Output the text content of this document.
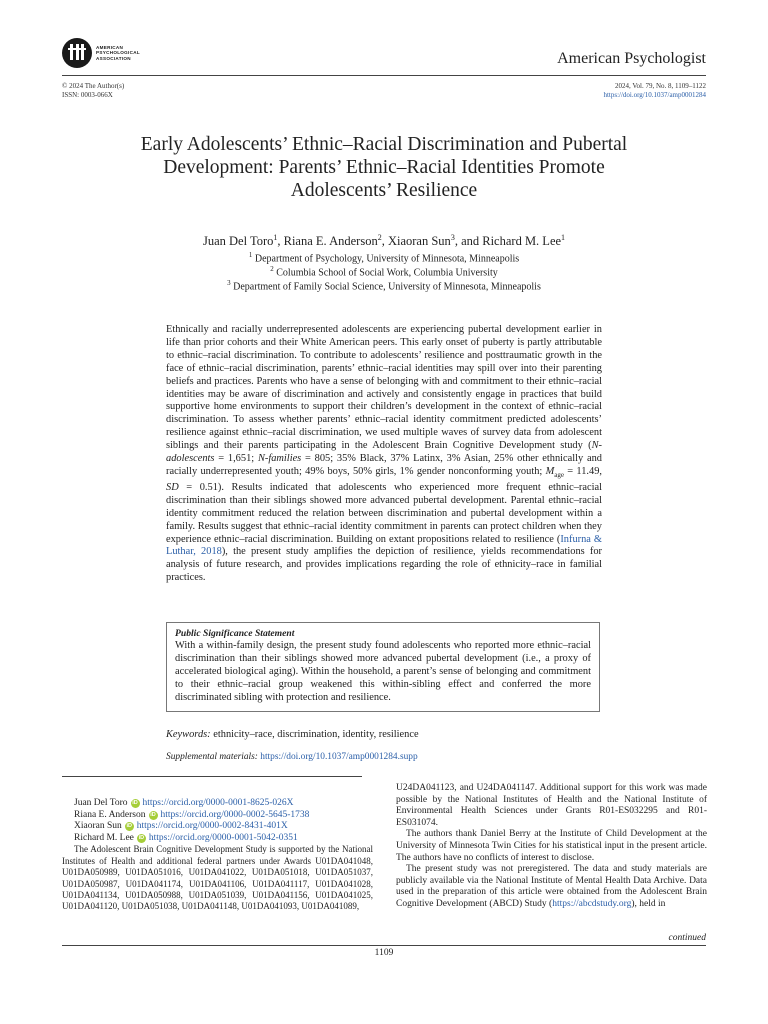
AMERICAN
PSYCHOLOGICAL
ASSOCIATION	American Psychologist
© 2024 The Author(s)
ISSN: 0003-066X
2024, Vol. 79, No. 8, 1109–1122
https://doi.org/10.1037/amp0001284
Early Adolescents’ Ethnic–Racial Discrimination and Pubertal
Development: Parents’ Ethnic–Racial Identities Promote
Adolescents’ Resilience
Juan Del Toro$^1$, Riana E. Anderson$^2$, Xiaoran Sun$^3$, and Richard M. Lee$^1$
$^1$ Department of Psychology, University of Minnesota, Minneapolis
$^2$ Columbia School of Social Work, Columbia University
$^3$ Department of Family Social Science, University of Minnesota, Minneapolis
Ethnically and racially underrepresented adolescents are experiencing pubertal development earlier in life than prior cohorts and their White American peers. This early onset of puberty is partly attributable to ethnic–racial discrimination. To contribute to adolescents’ resilience and posttraumatic growth in the face of ethnic–racial discrimination, parents’ ethnic–racial identities may spill over into their parenting beliefs and practices. Parents who have a sense of belonging with and commitment to their ethnic–racial identities may be aware of discrimination and actively and consistently engage in practices that build supportive home environments to support their children’s development in the context of ethnic–racial discrimination. To assess whether parents’ ethnic–racial identity commitment predicted adolescents’ resilience against ethnic–racial discrimination, we used multiple waves of survey data from adolescent siblings and their parents participating in the Adolescent Brain Cognitive Development study (N-adolescents = 1,651; N-families = 805; 35% Black, 37% Latinx, 3% Asian, 25% other ethnically and racially underrepresented youth; 49% boys, 50% girls, 1% gender nonconforming youth; $M_{age} = 11.49$, SD = 0.51). Results indicated that adolescents who experienced more frequent ethnic–racial discrimination than their siblings showed more advanced pubertal development. Parental ethnic–racial identity commitment reduced the relation between discrimination and pubertal development within a family. Results suggest that ethnic–racial identity commitment in parents can protect children when they experience ethnic–racial discrimination. Building on extant propositions related to resilience (Infurna & Luthar, 2018), the present study amplifies the depiction of resilience, yields recommendations for analysis of future research, and provides implications regarding the role of ethnicity–race in familial practices.
Public Significance Statement
With a within-family design, the present study found adolescents who reported more ethnic–racial discrimination than their siblings showed more advanced pubertal development (i.e., a proxy of accelerated biological aging). Within the household, a parent’s sense of belonging and commitment to their ethnic–racial group weakened this within-sibling effect and conferred the more discriminated sibling with protection and resilience.
Keywords: ethnicity–race, discrimination, identity, resilience
Supplemental materials: https://doi.org/10.1037/amp0001284.supp
Juan Del Toro iD https://orcid.org/0000-0001-8625-026X
Riana E. Anderson iD https://orcid.org/0000-0002-5645-1738
Xiaoran Sun iD https://orcid.org/0000-0002-8431-401X
Richard M. Lee iD https://orcid.org/0000-0001-5042-0351
The Adolescent Brain Cognitive Development Study is supported by the National Institutes of Health and additional federal partners under Awards U01DA041048, U01DA050989, U01DA051016, U01DA041022, U01DA051018, U01DA051037, U01DA050987, U01DA041174, U01DA041106, U01DA041117, U01DA041028, U01DA041134, U01DA050988, U01DA051039, U01DA041156, U01DA041025, U01DA041120, U01DA051038, U01DA041148, U01DA041093, U01DA041089,

U24DA041123, and U24DA041147. Additional support for this work was made possible by the National Institutes of Health and the National Institute of Environmental Health Sciences under Grants R01-ES032295 and R01-ES031074.

The authors thank Daniel Berry at the Institute of Child Development at the University of Minnesota Twin Cities for his statistical input in the present article. The authors have no conflicts of interest to disclose.

The present study was not preregistered. The data and study materials are publicly available via the National Institute of Mental Health Data Archive. Data used in the preparation of this article were obtained from the Adolescent Brain Cognitive Development (ABCD) Study (https://abcdstudy.org), held in

continued
1109
